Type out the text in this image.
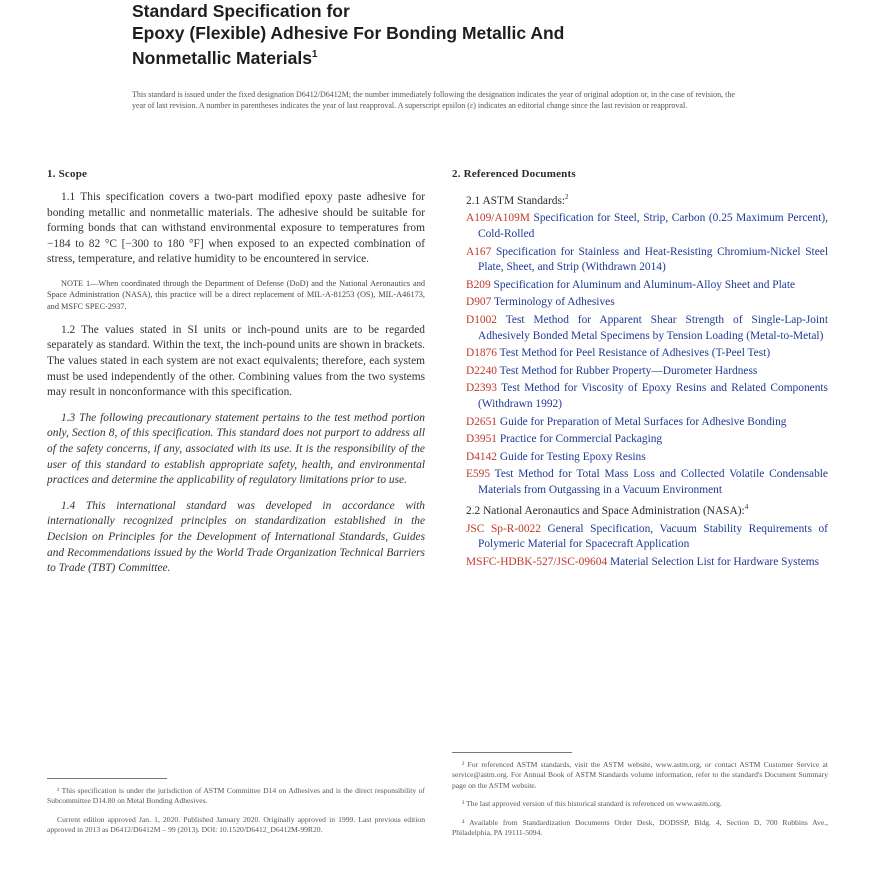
Standard Specification for

Epoxy (Flexible) Adhesive For Bonding Metallic And

Nonmetallic Materials$^1$

This standard is issued under the fixed designation D6412/D6412M; the number immediately following the designation indicates the year of original adoption or, in the case of revision, the year of last revision. A number in parentheses indicates the year of last reapproval. A superscript epsilon (ε) indicates an editorial change since the last revision or reapproval.

1. Scope

1.1 This specification covers a two-part modified epoxy paste adhesive for bonding metallic and nonmetallic materials. The adhesive should be suitable for forming bonds that can withstand environmental exposure to temperatures from −184 to 82 °C [−300 to 180 °F] when exposed to an expected combination of stress, temperature, and relative humidity to be encountered in service.

NOTE 1—When coordinated through the Department of Defense (DoD) and the National Aeronautics and Space Administration (NASA), this practice will be a direct replacement of MIL-A-81253 (OS), MIL-A46173, and MSFC SPEC-2937.

1.2 The values stated in SI units or inch-pound units are to be regarded separately as standard. Within the text, the inch-pound units are shown in brackets. The values stated in each system are not exact equivalents; therefore, each system must be used independently of the other. Combining values from the two systems may result in nonconformance with this specification.

1.3 The following precautionary statement pertains to the test method portion only, Section 8, of this specification. This standard does not purport to address all of the safety concerns, if any, associated with its use. It is the responsibility of the user of this standard to establish appropriate safety, health, and environmental practices and determine the applicability of regulatory limitations prior to use.

1.4 This international standard was developed in accordance with internationally recognized principles on standardization established in the Decision on Principles for the Development of International Standards, Guides and Recommendations issued by the World Trade Organization Technical Barriers to Trade (TBT) Committee.

2. Referenced Documents

2.1 ASTM Standards:$^2$

A109/A109M Specification for Steel, Strip, Carbon (0.25 Maximum Percent), Cold-Rolled

A167 Specification for Stainless and Heat-Resisting Chromium-Nickel Steel Plate, Sheet, and Strip (Withdrawn 2014)

B209 Specification for Aluminum and Aluminum-Alloy Sheet and Plate

D907 Terminology of Adhesives

D1002 Test Method for Apparent Shear Strength of Single-Lap-Joint Adhesively Bonded Metal Specimens by Tension Loading (Metal-to-Metal)

D1876 Test Method for Peel Resistance of Adhesives (T-Peel Test)

D2240 Test Method for Rubber Property—Durometer Hardness

D2393 Test Method for Viscosity of Epoxy Resins and Related Components (Withdrawn 1992)

D2651 Guide for Preparation of Metal Surfaces for Adhesive Bonding

D3951 Practice for Commercial Packaging

D4142 Guide for Testing Epoxy Resins

E595 Test Method for Total Mass Loss and Collected Volatile Condensable Materials from Outgassing in a Vacuum Environment

2.2 National Aeronautics and Space Administration (NASA):$^4$

JSC Sp-R-0022 General Specification, Vacuum Stability Requirements of Polymeric Material for Spacecraft Application

MSFC-HDBK-527/JSC-09604 Material Selection List for Hardware Systems

¹ This specification is under the jurisdiction of ASTM Committee D14 on Adhesives and is the direct responsibility of Subcommittee D14.80 on Metal Bonding Adhesives.

Current edition approved Jan. 1, 2020. Published January 2020. Originally approved in 1999. Last previous edition approved in 2013 as D6412/D6412M – 99 (2013). DOI: 10.1520/D6412_D6412M-99R20.

² For referenced ASTM standards, visit the ASTM website, www.astm.org, or contact ASTM Customer Service at service@astm.org. For Annual Book of ASTM Standards volume information, refer to the standard's Document Summary page on the ASTM website.

³ The last approved version of this historical standard is referenced on www.astm.org.

⁴ Available from Standardization Documents Order Desk, DODSSP, Bldg. 4, Section D, 700 Robbins Ave., Philadelphia, PA 19111-5094.
